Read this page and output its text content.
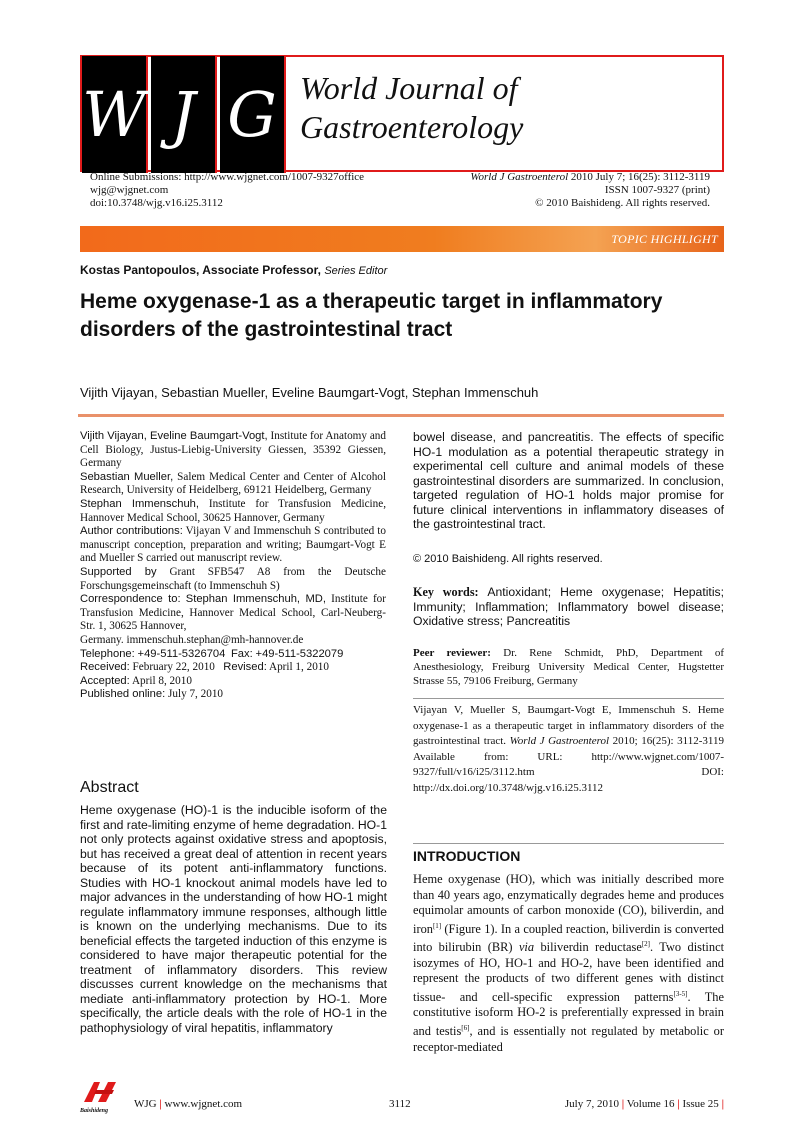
W J G World Journal of
Gastroenterology
Online Submissions: http://www.wjgnet.com/1007-9327office
wjg@wjgnet.com
doi:10.3748/wjg.v16.i25.3112
World J Gastroenterol 2010 July 7; 16(25): 3112-3119
ISSN 1007-9327 (print)
© 2010 Baishideng. All rights reserved.
TOPIC HIGHLIGHT
Kostas Pantopoulos, Associate Professor, Series Editor
Heme oxygenase-1 as a therapeutic target in inflammatory disorders of the gastrointestinal tract
Vijith Vijayan, Sebastian Mueller, Eveline Baumgart-Vogt, Stephan Immenschuh
Vijith Vijayan, Eveline Baumgart-Vogt, Institute for Anatomy and Cell Biology, Justus-Liebig-University Giessen, 35392 Giessen, Germany
Sebastian Mueller, Salem Medical Center and Center of Alcohol Research, University of Heidelberg, 69121 Heidelberg, Germany
Stephan Immenschuh, Institute for Transfusion Medicine, Hannover Medical School, 30625 Hannover, Germany
Author contributions: Vijayan V and Immenschuh S contributed to manuscript conception, preparation and writing; Baumgart-Vogt E and Mueller S carried out manuscript review.
Supported by Grant SFB547 A8 from the Deutsche Forschungsgemeinschaft (to Immenschuh S)
Correspondence to: Stephan Immenschuh, MD, Institute for Transfusion Medicine, Hannover Medical School, Carl-Neuberg-Str. 1, 30625 Hannover,
Germany. immenschuh.stephan@mh-hannover.de
Telephone: +49-511-5326704 Fax: +49-511-5322079
Received: February 22, 2010 Revised: April 1, 2010
Accepted: April 8, 2010
Published online: July 7, 2010
Abstract
Heme oxygenase (HO)-1 is the inducible isoform of the first and rate-limiting enzyme of heme degradation. HO-1 not only protects against oxidative stress and apoptosis, but has received a great deal of attention in recent years because of its potent anti-inflammatory functions. Studies with HO-1 knockout animal models have led to major advances in the understanding of how HO-1 might regulate inflammatory immune responses, although little is known on the underlying mechanisms. Due to its beneficial effects the targeted induction of this enzyme is considered to have major therapeutic potential for the treatment of inflammatory disorders. This review discusses current knowledge on the mechanisms that mediate anti-inflammatory protection by HO-1. More specifically, the article deals with the role of HO-1 in the pathophysiology of viral hepatitis, inflammatory
bowel disease, and pancreatitis. The effects of specific HO-1 modulation as a potential therapeutic strategy in experimental cell culture and animal models of these gastrointestinal disorders are summarized. In conclusion, targeted regulation of HO-1 holds major promise for future clinical interventions in inflammatory diseases of the gastrointestinal tract.
© 2010 Baishideng. All rights reserved.
Key words: Antioxidant; Heme oxygenase; Hepatitis; Immunity; Inflammation; Inflammatory bowel disease; Oxidative stress; Pancreatitis
Peer reviewer: Dr. Rene Schmidt, PhD, Department of Anesthesiology, Freiburg University Medical Center, Hugstetter Strasse 55, 79106 Freiburg, Germany
Vijayan V, Mueller S, Baumgart-Vogt E, Immenschuh S. Heme oxygenase-1 as a therapeutic target in inflammatory disorders of the gastrointestinal tract. World J Gastroenterol 2010; 16(25): 3112-3119 Available from: URL: http://www.wjgnet.com/1007-9327/full/v16/i25/3112.htm DOI: http://dx.doi.org/10.3748/wjg.v16.i25.3112
INTRODUCTION
Heme oxygenase (HO), which was initially described more than 40 years ago, enzymatically degrades heme and produces equimolar amounts of carbon monoxide (CO), biliverdin, and iron[1] (Figure 1). In a coupled reaction, biliverdin is converted into bilirubin (BR) via biliverdin reductase[2]. Two distinct isozymes of HO, HO-1 and HO-2, have been identified and represent the products of two different genes with distinct tissue- and cell-specific expression patterns[3-5]. The constitutive isoform HO-2 is preferentially expressed in brain and testis[6], and is essentially not regulated by metabolic or receptor-mediated
Baishideng
WJG | www.wjgnet.com	3112	July 7, 2010 | Volume 16 | Issue 25 |
